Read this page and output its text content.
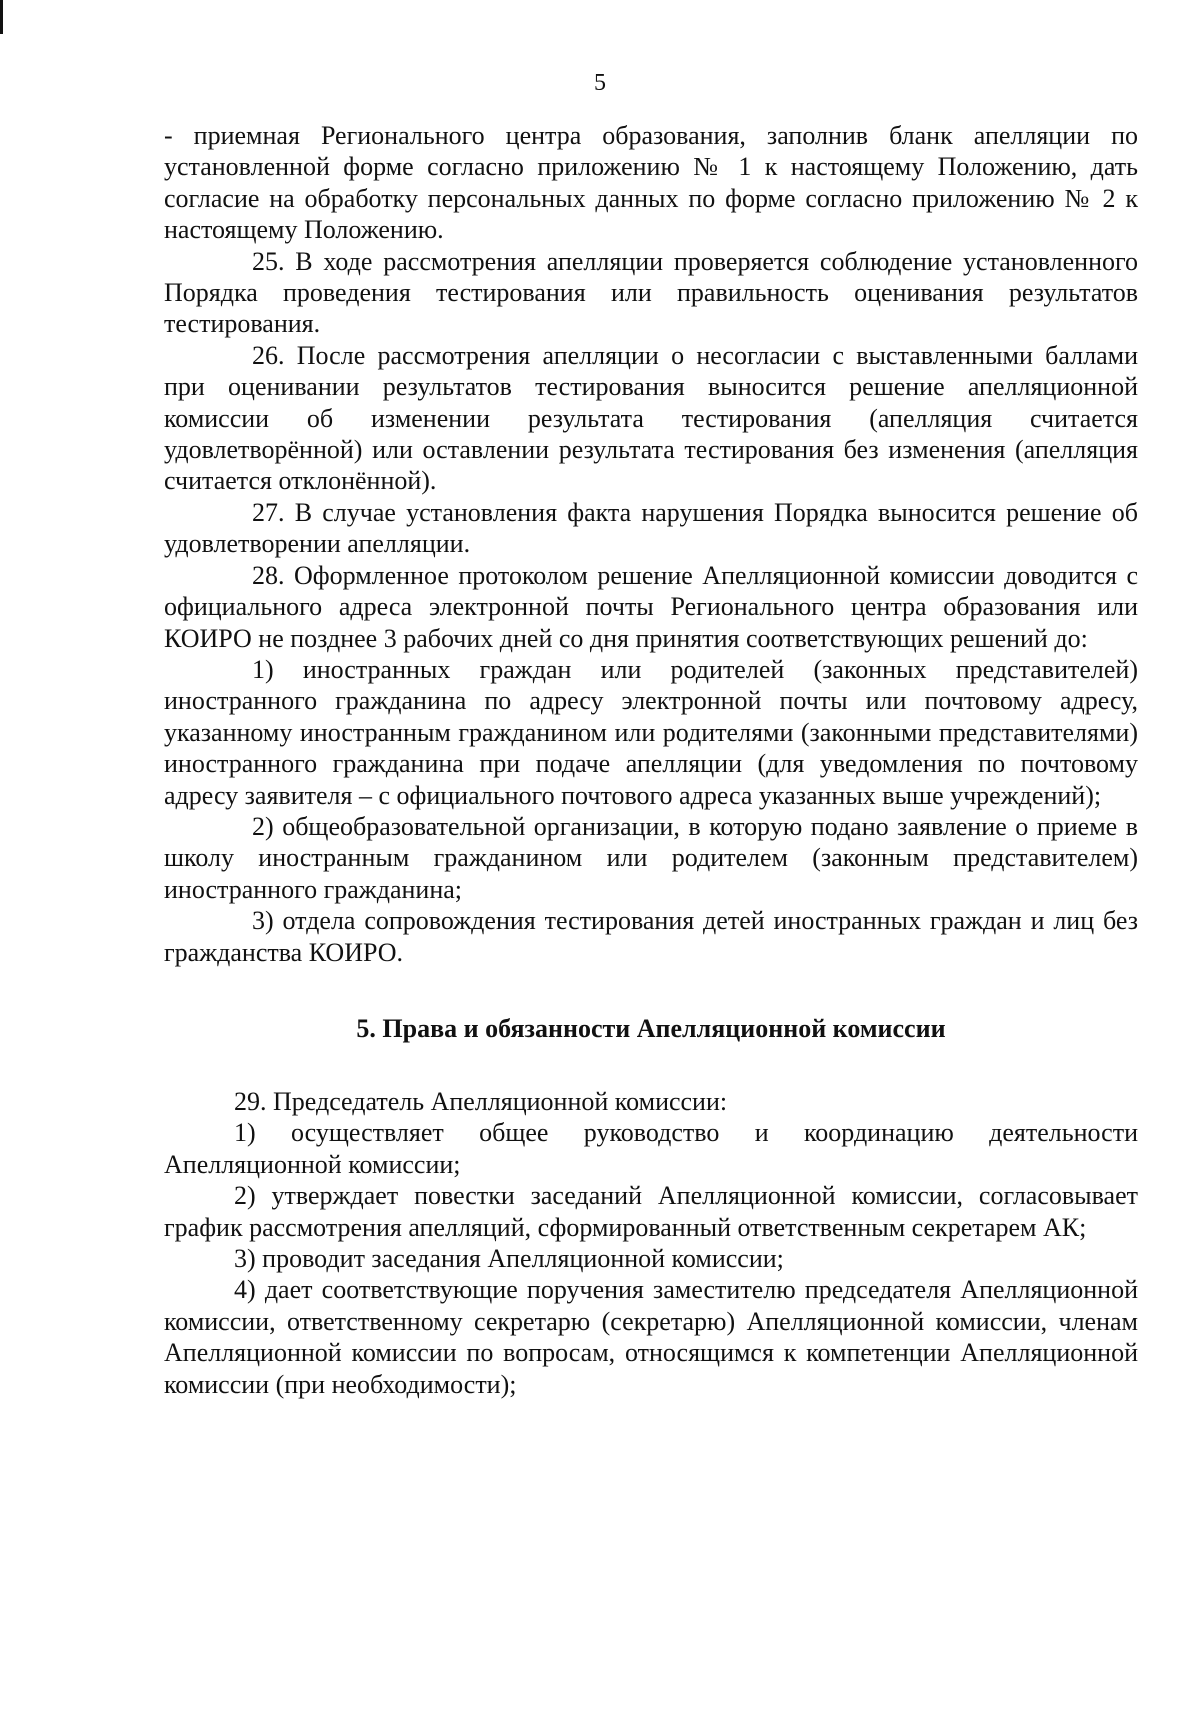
5

- приемная Регионального центра образования, заполнив бланк апелляции по установленной форме согласно приложению № 1 к настоящему Положению, дать согласие на обработку персональных данных по форме согласно приложению № 2 к настоящему Положению.

25. В ходе рассмотрения апелляции проверяется соблюдение установленного Порядка проведения тестирования или правильность оценивания результатов тестирования.

26. После рассмотрения апелляции о несогласии с выставленными баллами при оценивании результатов тестирования выносится решение апелляционной комиссии об изменении результата тестирования (апелляция считается удовлетворённой) или оставлении результата тестирования без изменения (апелляция считается отклонённой).

27. В случае установления факта нарушения Порядка выносится решение об удовлетворении апелляции.

28. Оформленное протоколом решение Апелляционной комиссии доводится с официального адреса электронной почты Регионального центра образования или КОИРО не позднее 3 рабочих дней со дня принятия соответствующих решений до:

1) иностранных граждан или родителей (законных представителей) иностранного гражданина по адресу электронной почты или почтовому адресу, указанному иностранным гражданином или родителями (законными представителями) иностранного гражданина при подаче апелляции (для уведомления по почтовому адресу заявителя – с официального почтового адреса указанных выше учреждений);

2) общеобразовательной организации, в которую подано заявление о приеме в школу иностранным гражданином или родителем (законным представителем) иностранного гражданина;

3) отдела сопровождения тестирования детей иностранных граждан и лиц без гражданства КОИРО.

5. Права и обязанности Апелляционной комиссии

29. Председатель Апелляционной комиссии:

1) осуществляет общее руководство и координацию деятельности Апелляционной комиссии;

2) утверждает повестки заседаний Апелляционной комиссии, согласовывает график рассмотрения апелляций, сформированный ответственным секретарем АК;

3) проводит заседания Апелляционной комиссии;

4) дает соответствующие поручения заместителю председателя Апелляционной комиссии, ответственному секретарю (секретарю) Апелляционной комиссии, членам Апелляционной комиссии по вопросам, относящимся к компетенции Апелляционной комиссии (при необходимости);
